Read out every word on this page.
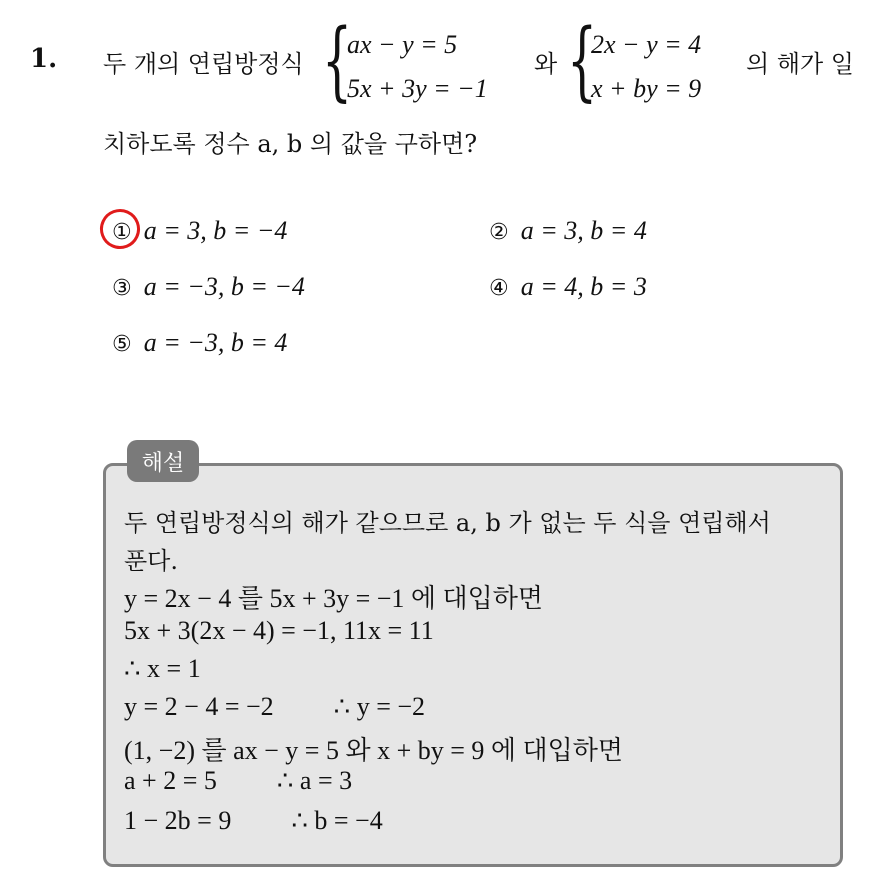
1. 두 개의 연립방정식 {
ax − y = 5
5x + 3y = −1
와 {
2x − y = 4
x + by = 9
의 해가 일
치하도록 정수 a, b 의 값을 구하면?
① a = 3, b = −4	② a = 3, b = 4
③ a = −3, b = −4	④ a = 4, b = 3
⑤ a = −3, b = 4
해설
두 연립방정식의 해가 같으므로 a, b 가 없는 두 식을 연립해서
푼다.
y = 2x − 4 를 5x + 3y = −1 에 대입하면
5x + 3(2x − 4) = −1, 11x = 11
∴ x = 1
y = 2 − 4 = −2 ∴ y = −2
(1, −2) 를 ax − y = 5 와 x + by = 9 에 대입하면
a + 2 = 5 ∴ a = 3
1 − 2b = 9 ∴ b = −4
